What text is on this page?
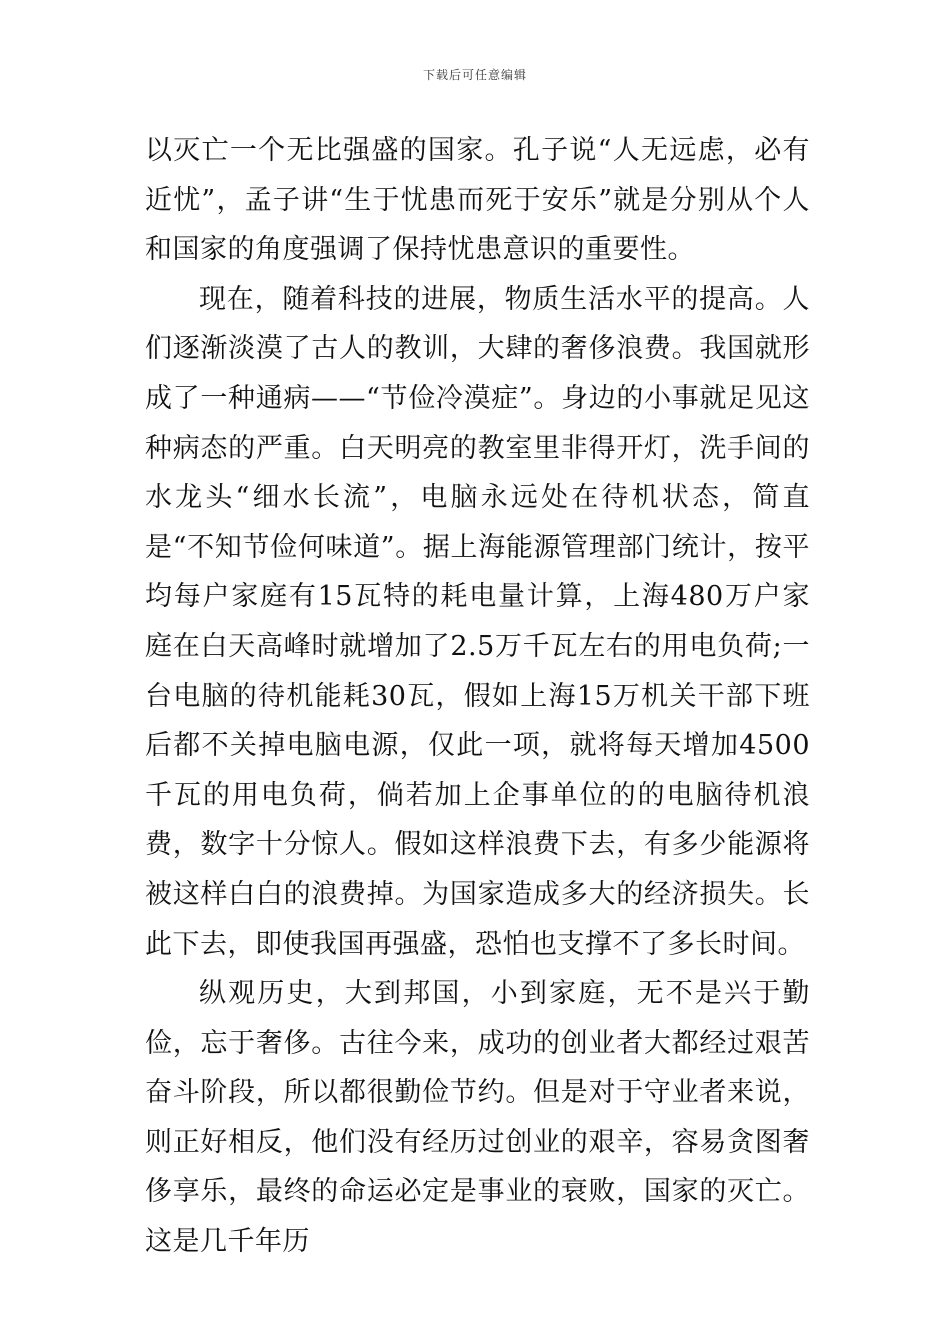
下载后可任意编辑

以灭亡一个无比强盛的国家。孔子说“人无远虑，必有近忧”，孟子讲“生于忧患而死于安乐”就是分别从个人和国家的角度强调了保持忧患意识的重要性。

现在，随着科技的进展，物质生活水平的提高。人们逐渐淡漠了古人的教训，大肆的奢侈浪费。我国就形成了一种通病——“节俭冷漠症”。身边的小事就足见这种病态的严重。白天明亮的教室里非得开灯，洗手间的水龙头“细水长流”，电脑永远处在待机状态，简直是“不知节俭何味道”。据上海能源管理部门统计，按平均每户家庭有15瓦特的耗电量计算，上海480万户家庭在白天高峰时就增加了2.5万千瓦左右的用电负荷;一台电脑的待机能耗30瓦，假如上海15万机关干部下班后都不关掉电脑电源，仅此一项，就将每天增加4500千瓦的用电负荷，倘若加上企事单位的的电脑待机浪费，数字十分惊人。假如这样浪费下去，有多少能源将被这样白白的浪费掉。为国家造成多大的经济损失。长此下去，即使我国再强盛，恐怕也支撑不了多长时间。

纵观历史，大到邦国，小到家庭，无不是兴于勤俭，忘于奢侈。古往今来，成功的创业者大都经过艰苦奋斗阶段，所以都很勤俭节约。但是对于守业者来说，则正好相反，他们没有经历过创业的艰辛，容易贪图奢侈享乐，最终的命运必定是事业的衰败，国家的灭亡。这是几千年历
